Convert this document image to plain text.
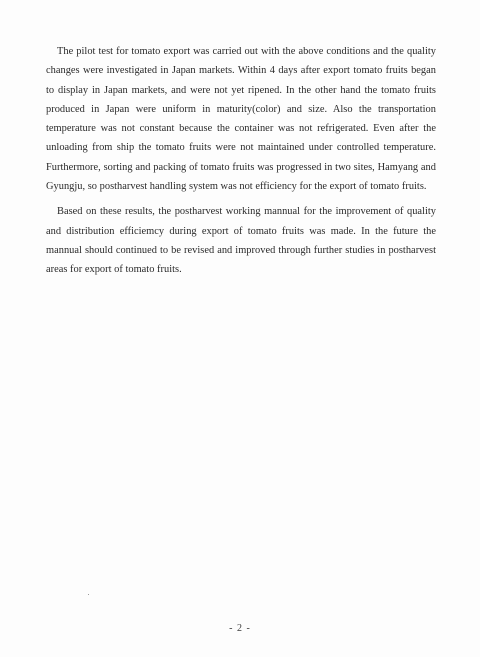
The pilot test for tomato export was carried out with the above conditions and the quality changes were investigated in Japan markets. Within 4 days after export tomato fruits began to display in Japan markets, and were not yet ripened. In the other hand the tomato fruits produced in Japan were uniform in maturity(color) and size. Also the transportation temperature was not constant because the container was not refrigerated. Even after the unloading from ship the tomato fruits were not maintained under controlled temperature. Furthermore, sorting and packing of tomato fruits was progressed in two sites, Hamyang and Gyungju, so postharvest handling system was not efficiency for the export of tomato fruits.

Based on these results, the postharvest working mannual for the improvement of quality and distribution efficiemcy during export of tomato fruits was made. In the future the mannual should continued to be revised and improved through further studies in postharvest areas for export of tomato fruits.

- 2 -
